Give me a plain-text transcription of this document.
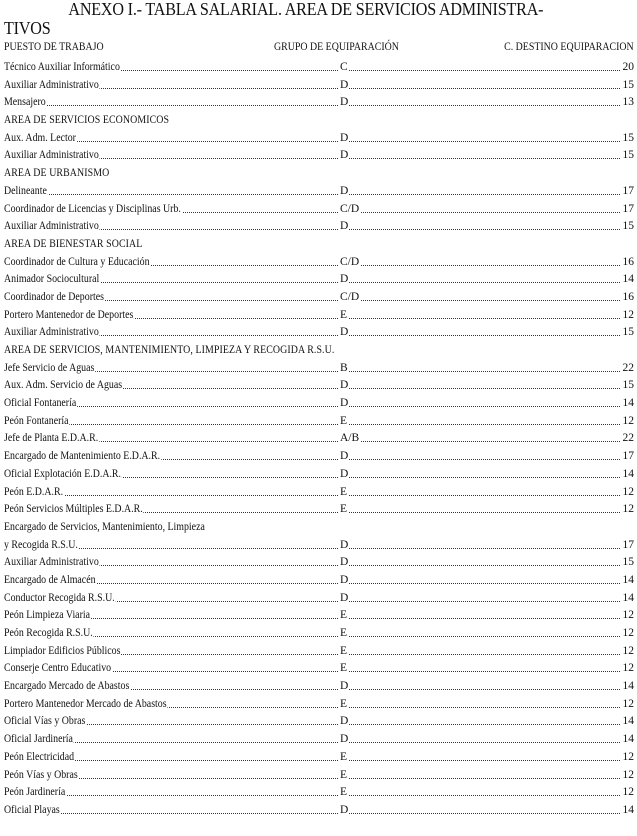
ANEXO I.- TABLA SALARIAL. AREA DE SERVICIOS ADMINISTRA- TIVOS
PUESTO DE TRABAJO	GRUPO DE EQUIPARACIÓN	C. DESTINO EQUIPARACION
Técnico Auxiliar Informático	C	20
Auxiliar Administrativo	D	15
Mensajero	D	13
AREA DE SERVICIOS ECONOMICOS
Aux. Adm. Lector	D	15
Auxiliar Administrativo	D	15
AREA DE URBANISMO
Delineante	D	17
Coordinador de Licencias y Disciplinas Urb.	C/D	17
Auxiliar Administrativo	D	15
AREA DE BIENESTAR SOCIAL
Coordinador de Cultura y Educación	C/D	16
Animador Sociocultural	D	14
Coordinador de Deportes	C/D	16
Portero Mantenedor de Deportes	E	12
Auxiliar Administrativo	D	15
AREA DE SERVICIOS, MANTENIMIENTO, LIMPIEZA Y RECOGIDA R.S.U.
Jefe Servicio de Aguas	B	22
Aux. Adm. Servicio de Aguas	D	15
Oficial Fontanería	D	14
Peón Fontanería	E	12
Jefe de Planta E.D.A.R.	A/B	22
Encargado de Mantenimiento E.D.A.R.	D	17
Oficial Explotación E.D.A.R.	D	14
Peón E.D.A.R.	E	12
Peón Servicios Múltiples E.D.A.R.	E	12
Encargado de Servicios, Mantenimiento, Limpieza
y Recogida R.S.U.	D	17
Auxiliar Administrativo	D	15
Encargado de Almacén	D	14
Conductor Recogida R.S.U.	D	14
Peón Limpieza Viaria	E	12
Peón Recogida R.S.U.	E	12
Limpiador Edificios Públicos	E	12
Conserje Centro Educativo	E	12
Encargado Mercado de Abastos	D	14
Portero Mantenedor Mercado de Abastos	E	12
Oficial Vías y Obras	D	14
Oficial Jardinería	D	14
Peón Electricidad	E	12
Peón Vías y Obras	E	12
Peón Jardinería	E	12
Oficial Playas	D	14
